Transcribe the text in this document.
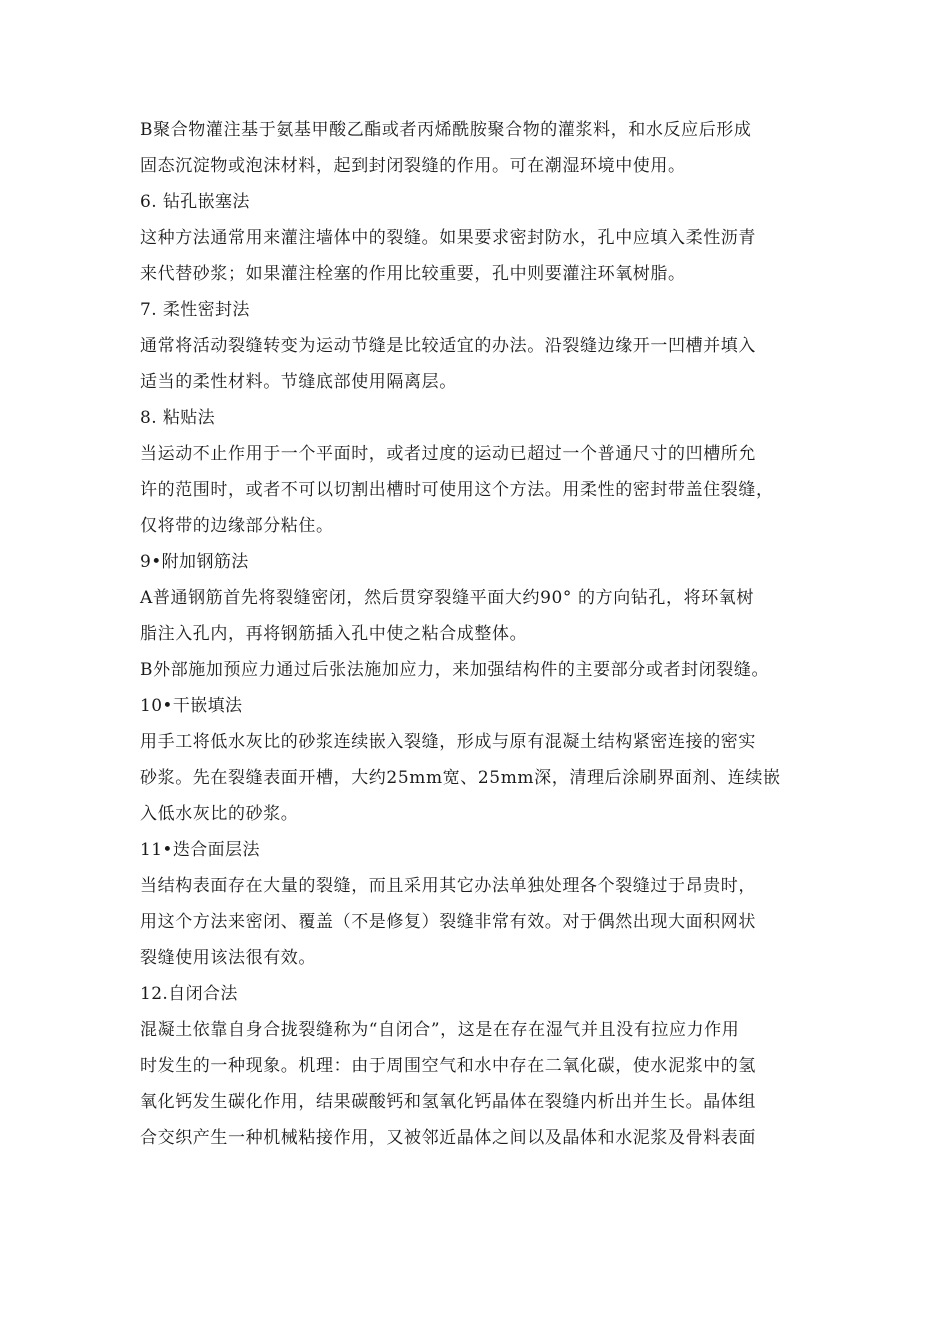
B聚合物灌注基于氨基甲酸乙酯或者丙烯酰胺聚合物的灌浆料，和水反应后形成
固态沉淀物或泡沫材料，起到封闭裂缝的作用。可在潮湿环境中使用。
6. 钻孔嵌塞法
这种方法通常用来灌注墙体中的裂缝。如果要求密封防水，孔中应填入柔性沥青
来代替砂浆；如果灌注栓塞的作用比较重要，孔中则要灌注环氧树脂。
7. 柔性密封法
通常将活动裂缝转变为运动节缝是比较适宜的办法。沿裂缝边缘开一凹槽并填入
适当的柔性材料。节缝底部使用隔离层。
8. 粘贴法
当运动不止作用于一个平面时，或者过度的运动已超过一个普通尺寸的凹槽所允
许的范围时，或者不可以切割出槽时可使用这个方法。用柔性的密封带盖住裂缝，
仅将带的边缘部分粘住。
9•附加钢筋法
A普通钢筋首先将裂缝密闭，然后贯穿裂缝平面大约90° 的方向钻孔，将环氧树
脂注入孔内，再将钢筋插入孔中使之粘合成整体。
B外部施加预应力通过后张法施加应力，来加强结构件的主要部分或者封闭裂缝。
10•干嵌填法
用手工将低水灰比的砂浆连续嵌入裂缝，形成与原有混凝土结构紧密连接的密实
砂浆。先在裂缝表面开槽，大约25mm宽、25mm深，清理后涂刷界面剂、连续嵌
入低水灰比的砂浆。
11•迭合面层法
当结构表面存在大量的裂缝，而且采用其它办法单独处理各个裂缝过于昂贵时，
用这个方法来密闭、覆盖（不是修复）裂缝非常有效。对于偶然出现大面积网状
裂缝使用该法很有效。
12.自闭合法
混凝土依靠自身合拢裂缝称为“自闭合”，这是在存在湿气并且没有拉应力作用
时发生的一种现象。机理：由于周围空气和水中存在二氧化碳，使水泥浆中的氢
氧化钙发生碳化作用，结果碳酸钙和氢氧化钙晶体在裂缝内析出并生长。晶体组
合交织产生一种机械粘接作用，又被邻近晶体之间以及晶体和水泥浆及骨料表面
